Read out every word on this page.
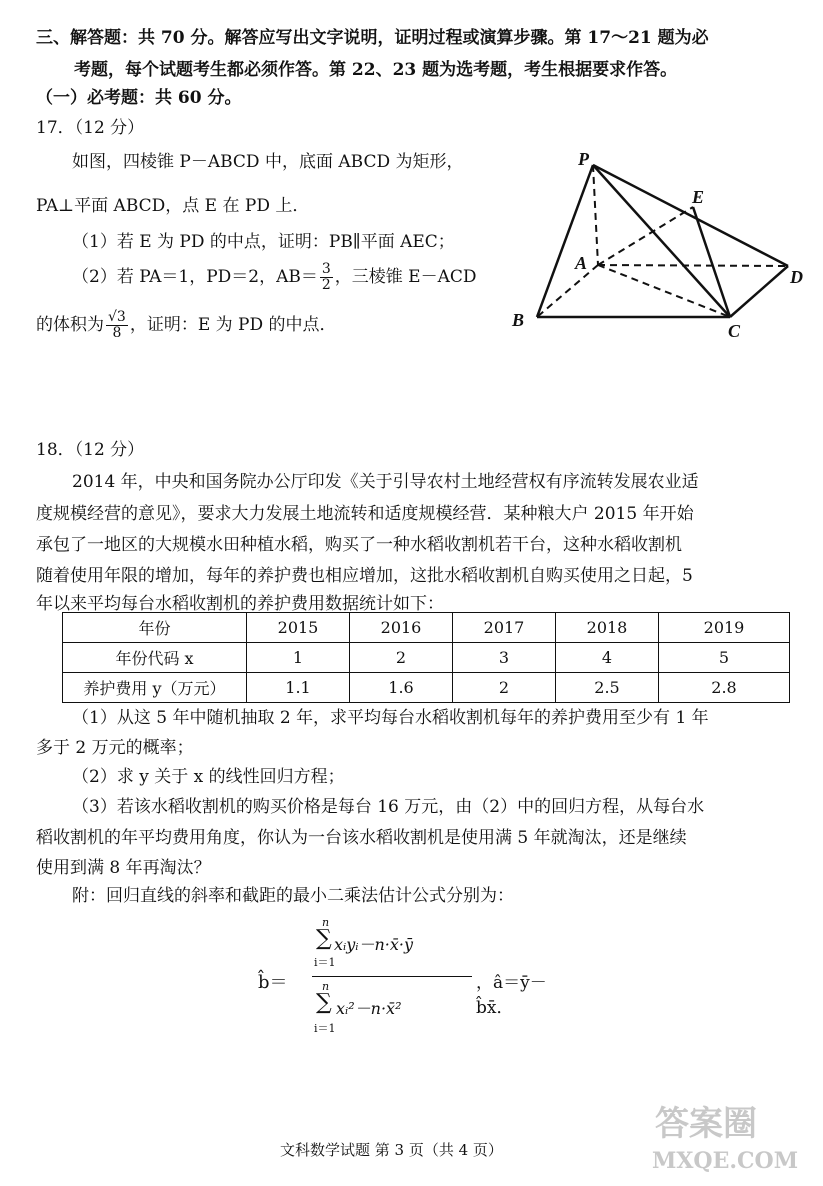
三、解答题：共 70 分。解答应写出文字说明，证明过程或演算步骤。第 17～21 题为必
考题，每个试题考生都必须作答。第 22、23 题为选考题，考生根据要求作答。
（一）必考题：共 60 分。
17．（12 分）
如图，四棱锥 P－ABCD 中，底面 ABCD 为矩形，
PA⊥平面 ABCD，点 E 在 PD 上．
（1）若 E 为 PD 的中点，证明：PB∥平面 AEC；
（2）若 PA＝1，PD＝2，$AB= \frac{3}{2}$ ，三棱锥 E－ACD
的体积为 $\frac{√3}{8}$ ，证明：E 为 PD 的中点．
P
E
A
D
B
C
18．（12 分）
2014 年，中央和国务院办公厅印发《关于引导农村土地经营权有序流转发展农业适
度规模经营的意见》，要求大力发展土地流转和适度规模经营．某种粮大户 2015 年开始
承包了一地区的大规模水田种植水稻，购买了一种水稻收割机若干台，这种水稻收割机
随着使用年限的增加，每年的养护费也相应增加，这批水稻收割机自购买使用之日起，5
年以来平均每台水稻收割机的养护费用数据统计如下：
年份	2015	2016	2017	2018	2019
年份代码 x	1	2	3	4	5
养护费用 y（万元）	1.1	1.6	2	2.5	2.8
（1）从这 5 年中随机抽取 2 年，求平均每台水稻收割机每年的养护费用至少有 1 年
多于 2 万元的概率；
（2）求 y 关于 x 的线性回归方程；
（3）若该水稻收割机的购买价格是每台 16 万元，由（2）中的回归方程，从每台水
稻收割机的年平均费用角度，你认为一台该水稻收割机是使用满 5 年就淘汰，还是继续
使用到满 8 年再淘汰？
附：回归直线的斜率和截距的最小二乘法估计公式分别为：
b̂＝
n
∑
i＝1
xᵢyᵢ－n·x̄·ȳ
n
∑
i＝1
xᵢ²－n·x̄²
，â＝ȳ－b̂x̄．
文科数学试题 第 3 页（共 4 页）
答案圈
MXQE.COM
